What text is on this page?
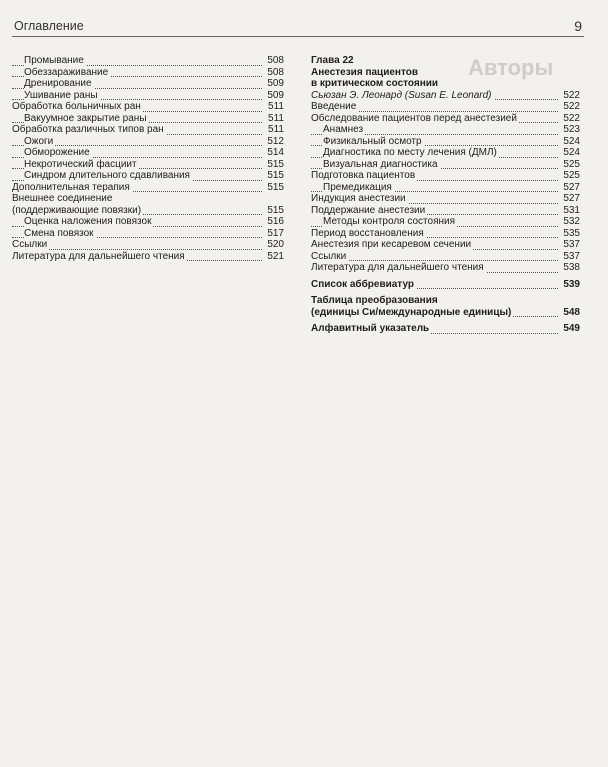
Оглавление	9
Авторы
Промывание	508
Обеззараживание	508
Дренирование	509
Ушивание раны	509
Обработка больничных ран	511
Вакуумное закрытие раны	511
Обработка различных типов ран	511
Ожоги	512
Обморожение	514
Некротический фасциит	515
Синдром длительного сдавливания	515
Дополнительная терапия	515
Внешнее соединение
(поддерживающие повязки)	515
Оценка наложения повязок	516
Смена повязок	517
Ссылки	520
Литература для дальнейшего чтения	521
Глава 22
Анестезия пациентов
в критическом состоянии
Сьюзан Э. Леонард (Susan E. Leonard)	522
Введение	522
Обследование пациентов перед анестезией	522
Анамнез	523
Физикальный осмотр	524
Диагностика по месту лечения (ДМЛ)	524
Визуальная диагностика	525
Подготовка пациентов	525
Премедикация	527
Индукция анестезии	527
Поддержание анестезии	531
Методы контроля состояния	532
Период восстановления	535
Анестезия при кесаревом сечении	537
Ссылки	537
Литература для дальнейшего чтения	538
Список аббревиатур	539
Таблица преобразования
(единицы Си/международные единицы)	548
Алфавитный указатель	549
